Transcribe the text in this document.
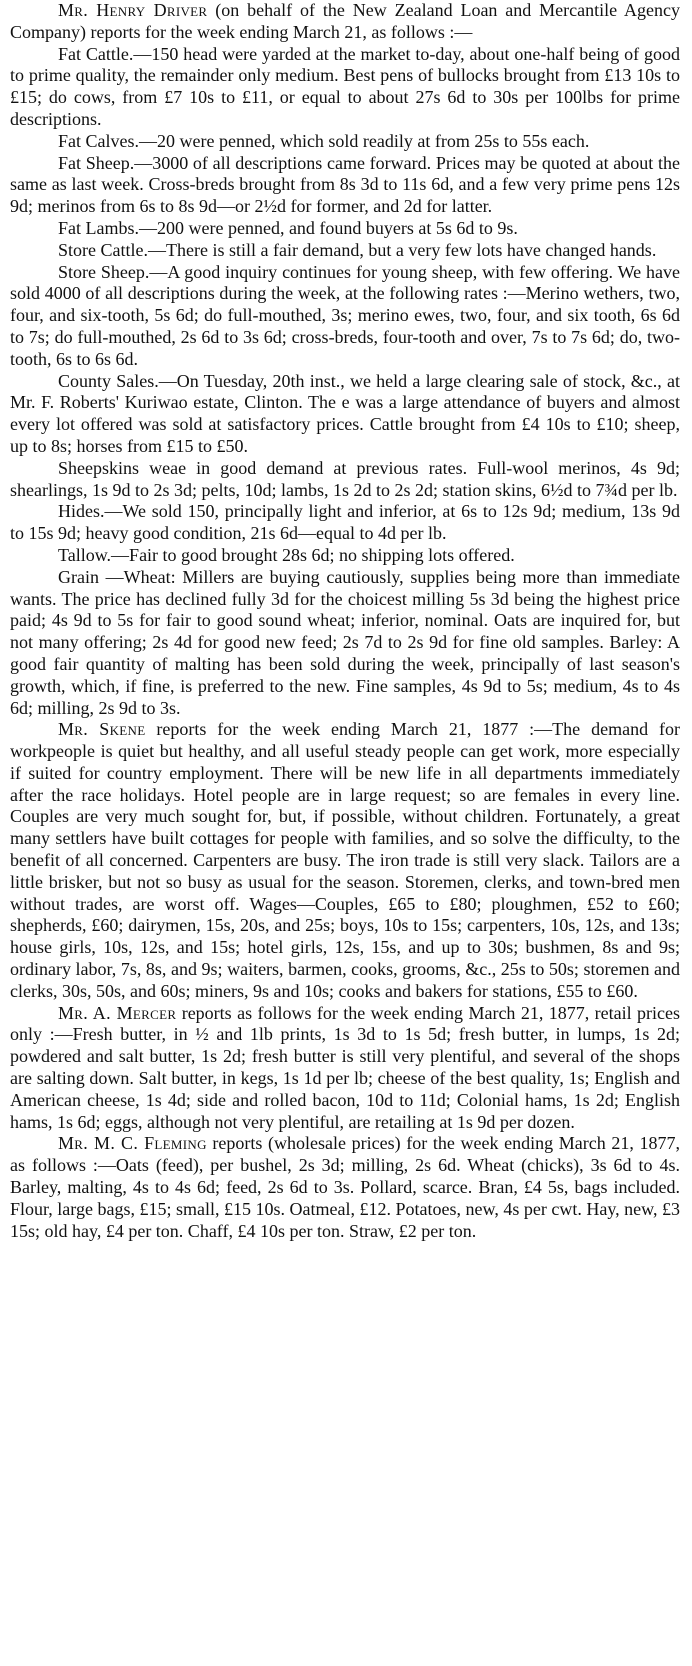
Mr. Henry Driver (on behalf of the New Zealand Loan and Mercantile Agency Company) reports for the week ending March 21, as follows :—

Fat Cattle.—150 head were yarded at the market to-day, about one-half being of good to prime quality, the remainder only medium. Best pens of bullocks brought from £13 10s to £15; do cows, from £7 10s to £11, or equal to about 27s 6d to 30s per 100lbs for prime descriptions.

Fat Calves.—20 were penned, which sold readily at from 25s to 55s each.

Fat Sheep.—3000 of all descriptions came forward. Prices may be quoted at about the same as last week. Cross-breds brought from 8s 3d to 11s 6d, and a few very prime pens 12s 9d; merinos from 6s to 8s 9d—or 2½d for former, and 2d for latter.

Fat Lambs.—200 were penned, and found buyers at 5s 6d to 9s.

Store Cattle.—There is still a fair demand, but a very few lots have changed hands.

Store Sheep.—A good inquiry continues for young sheep, with few offering. We have sold 4000 of all descriptions during the week, at the following rates :—Merino wethers, two, four, and six-tooth, 5s 6d; do full-mouthed, 3s; merino ewes, two, four, and six tooth, 6s 6d to 7s; do full-mouthed, 2s 6d to 3s 6d; cross-breds, four-tooth and over, 7s to 7s 6d; do, two-tooth, 6s to 6s 6d.

County Sales.—On Tuesday, 20th inst., we held a large clearing sale of stock, &c., at Mr. F. Roberts' Kuriwao estate, Clinton. The e was a large attendance of buyers and almost every lot offered was sold at satisfactory prices. Cattle brought from £4 10s to £10; sheep, up to 8s; horses from £15 to £50.

Sheepskins weae in good demand at previous rates. Full-wool merinos, 4s 9d; shearlings, 1s 9d to 2s 3d; pelts, 10d; lambs, 1s 2d to 2s 2d; station skins, 6½d to 7¾d per lb.

Hides.—We sold 150, principally light and inferior, at 6s to 12s 9d; medium, 13s 9d to 15s 9d; heavy good condition, 21s 6d—equal to 4d per lb.

Tallow.—Fair to good brought 28s 6d; no shipping lots offered.

Grain —Wheat: Millers are buying cautiously, supplies being more than immediate wants. The price has declined fully 3d for the choicest milling 5s 3d being the highest price paid; 4s 9d to 5s for fair to good sound wheat; inferior, nominal. Oats are inquired for, but not many offering; 2s 4d for good new feed; 2s 7d to 2s 9d for fine old samples. Barley: A good fair quantity of malting has been sold during the week, principally of last season's growth, which, if fine, is preferred to the new. Fine samples, 4s 9d to 5s; medium, 4s to 4s 6d; milling, 2s 9d to 3s.

Mr. Skene reports for the week ending March 21, 1877 :—The demand for workpeople is quiet but healthy, and all useful steady people can get work, more especially if suited for country employment. There will be new life in all departments immediately after the race holidays. Hotel people are in large request; so are females in every line. Couples are very much sought for, but, if possible, without children. Fortunately, a great many settlers have built cottages for people with families, and so solve the difficulty, to the benefit of all concerned. Carpenters are busy. The iron trade is still very slack. Tailors are a little brisker, but not so busy as usual for the season. Storemen, clerks, and town-bred men without trades, are worst off. Wages—Couples, £65 to £80; ploughmen, £52 to £60; shepherds, £60; dairymen, 15s, 20s, and 25s; boys, 10s to 15s; carpenters, 10s, 12s, and 13s; house girls, 10s, 12s, and 15s; hotel girls, 12s, 15s, and up to 30s; bushmen, 8s and 9s; ordinary labor, 7s, 8s, and 9s; waiters, barmen, cooks, grooms, &c., 25s to 50s; storemen and clerks, 30s, 50s, and 60s; miners, 9s and 10s; cooks and bakers for stations, £55 to £60.

Mr. A. Mercer reports as follows for the week ending March 21, 1877, retail prices only :—Fresh butter, in ½ and 1lb prints, 1s 3d to 1s 5d; fresh butter, in lumps, 1s 2d; powdered and salt butter, 1s 2d; fresh butter is still very plentiful, and several of the shops are salting down. Salt butter, in kegs, 1s 1d per lb; cheese of the best quality, 1s; English and American cheese, 1s 4d; side and rolled bacon, 10d to 11d; Colonial hams, 1s 2d; English hams, 1s 6d; eggs, although not very plentiful, are retailing at 1s 9d per dozen.

Mr. M. C. Fleming reports (wholesale prices) for the week ending March 21, 1877, as follows :—Oats (feed), per bushel, 2s 3d; milling, 2s 6d. Wheat (chicks), 3s 6d to 4s. Barley, malting, 4s to 4s 6d; feed, 2s 6d to 3s. Pollard, scarce. Bran, £4 5s, bags included. Flour, large bags, £15; small, £15 10s. Oatmeal, £12. Potatoes, new, 4s per cwt. Hay, new, £3 15s; old hay, £4 per ton. Chaff, £4 10s per ton. Straw, £2 per ton.
